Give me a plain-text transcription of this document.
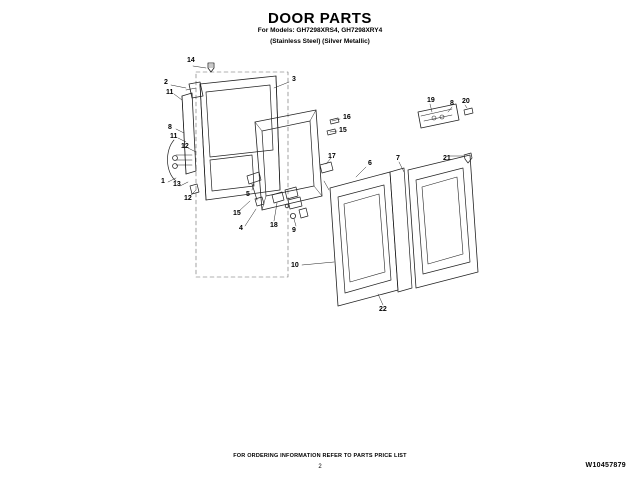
DOOR PARTS
For Models: GH7298XRS4, GH7298XRY4
(Stainless Steel) (Silver Metallic)
14
2	3
11
19 8 20
16
8
11
15
12
17
6
7	21
1 13
12
5
15
18
4	9
10
22
FOR ORDERING INFORMATION REFER TO PARTS PRICE LIST
2	W10457879
